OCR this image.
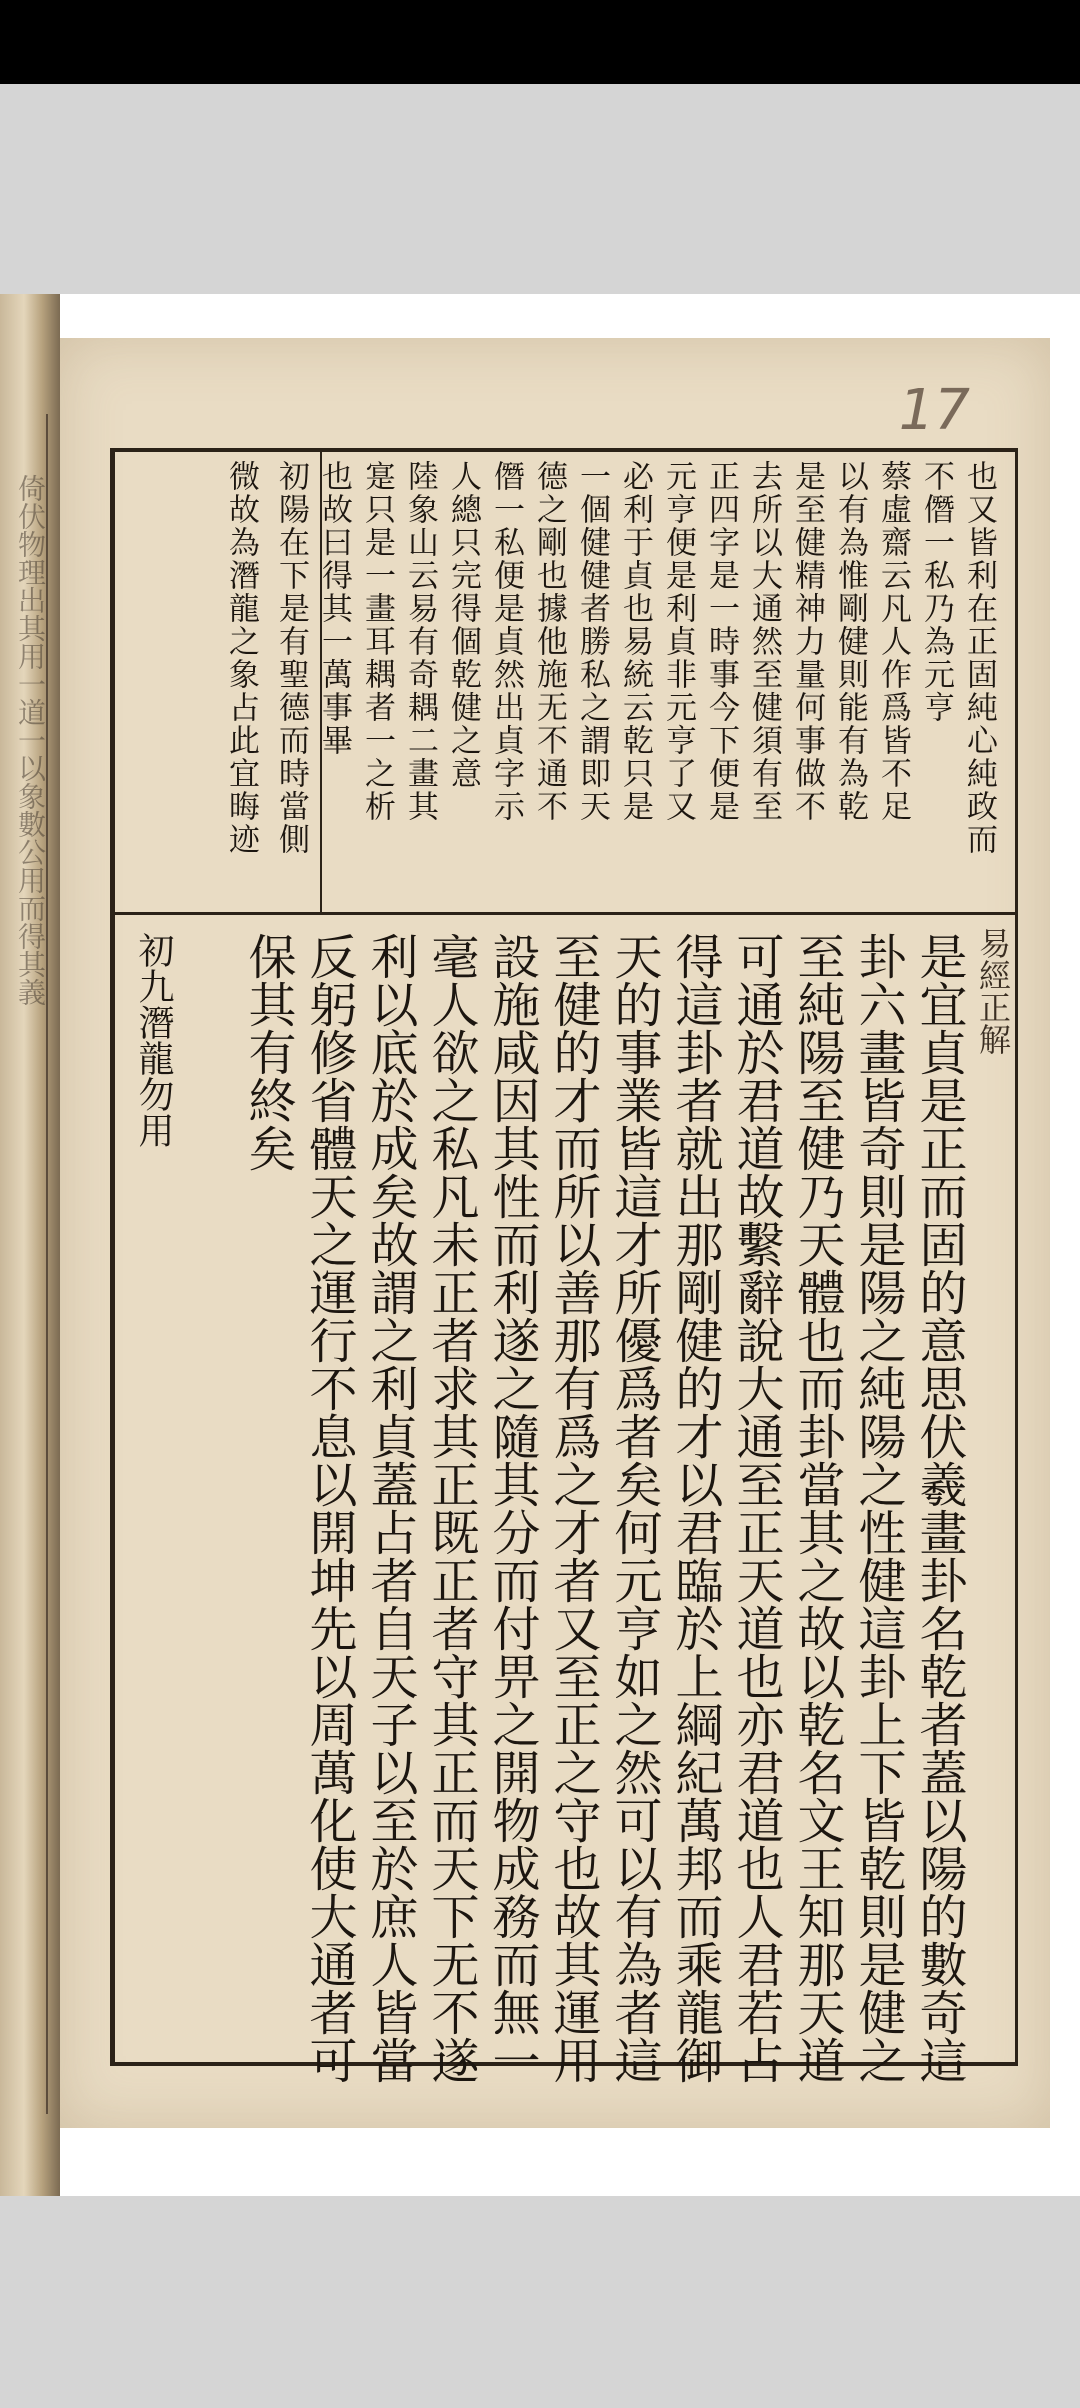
倚伏物理出其用一道一以象數公用而得其義
17
也又皆利在正固純心純政而
不僭一私乃為元亨
蔡虛齋云凡人作爲皆不足
以有為惟剛健則能有為乾
是至健精神力量何事做不
去所以大通然至健須有至
正四字是一時事今下便是
元亨便是利貞非元亨了又
必利于貞也易統云乾只是
一個健健者勝私之謂即天
德之剛也據他施无不通不
僭一私便是貞然出貞字示
人總只完得個乾健之意
陸象山云易有奇耦二畫其
寔只是一畫耳耦者一之析
也故曰得其一萬事畢
初陽在下是有聖德而時當側
微故為潛龍之象占此宜晦迹
易經正解
是宜貞是正而固的意思伏羲畫卦名乾者蓋以陽的數奇這
卦六畫皆奇則是陽之純陽之性健這卦上下皆乾則是健之
至純陽至健乃天體也而卦當其之故以乾名文王知那天道
可通於君道故繫辭說大通至正天道也亦君道也人君若占
得這卦者就出那剛健的才以君臨於上綱紀萬邦而乘龍御
天的事業皆這才所優爲者矣何元亨如之然可以有為者這
至健的才而所以善那有爲之才者又至正之守也故其運用
設施咸因其性而利遂之隨其分而付畀之開物成務而無一
毫人欲之私凡未正者求其正既正者守其正而天下无不遂
利以底於成矣故謂之利貞蓋占者自天子以至於庶人皆當
反躬修省體天之運行不息以開坤先以周萬化使大通者可
保其有終矣
初九潛龍勿用
